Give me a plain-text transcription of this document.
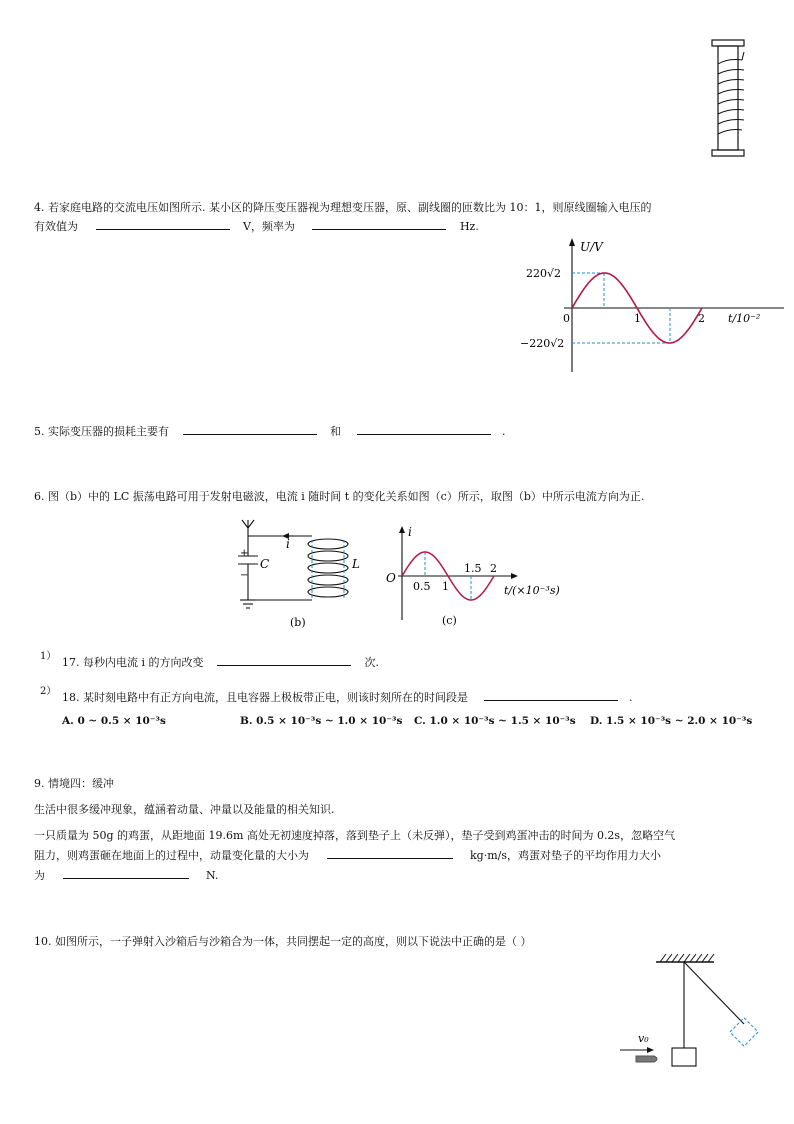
4. 若家庭电路的交流电压如图所示. 某小区的降压变压器视为理想变压器，原、副线圈的匝数比为 10：1，则原线圈输入电压的
有效值为	V，频率为	Hz.
U/V
220√2
−220√2
0	1	2 t/10⁻²
5. 实际变压器的损耗主要有	和	.
6. 图（b）中的 LC 振荡电路可用于发射电磁波，电流 i 随时间 t 的变化关系如图（c）所示，取图（b）中所示电流方向为正.
+
−
C
i
L
(b)
i
O
0.5 1
1.5 2
t/(×10⁻³s)
(c)
1） 17. 每秒内电流 i 的方向改变	次.
2） 18. 某时刻电路中有正方向电流，且电容器上极板带正电，则该时刻所在的时间段是	.
A. 0 ~ 0.5 × 10⁻³s	B. 0.5 × 10⁻³s ~ 1.0 × 10⁻³s C. 1.0 × 10⁻³s ~ 1.5 × 10⁻³s D. 1.5 × 10⁻³s ~ 2.0 × 10⁻³s
9. 情境四：缓冲
生活中很多缓冲现象，蕴涵着动量、冲量以及能量的相关知识.
一只质量为 50g 的鸡蛋，从距地面 19.6m 高处无初速度掉落，落到垫子上（未反弹），垫子受到鸡蛋冲击的时间为 0.2s，忽略空气
阻力，则鸡蛋砸在地面上的过程中，动量变化量的大小为	kg·m/s，鸡蛋对垫子的平均作用力大小
为	N.
10. 如图所示，一子弹射入沙箱后与沙箱合为一体，共同摆起一定的高度，则以下说法中正确的是（ ）
v₀
